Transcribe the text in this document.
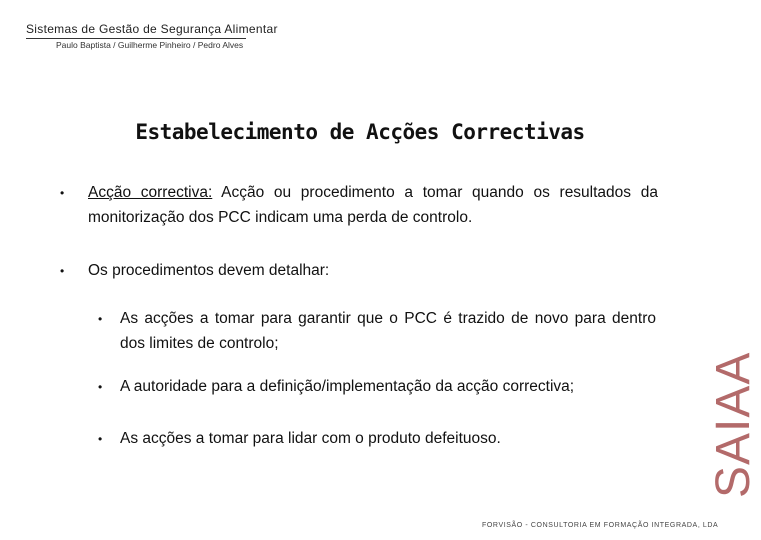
Sistemas de Gestão de Segurança Alimentar
Paulo Baptista / Guilherme Pinheiro / Pedro Alves
Estabelecimento de Acções Correctivas
• Acção correctiva: Acção ou procedimento a tomar quando os resultados da monitorização dos PCC indicam uma perda de controlo.
• Os procedimentos devem detalhar:
• As acções a tomar para garantir que o PCC é trazido de novo para dentro dos limites de controlo;
• A autoridade para a definição/implementação da acção correctiva;
• As acções a tomar para lidar com o produto defeituoso.	SAIAA
FORVISÃO - CONSULTORIA EM FORMAÇÃO INTEGRADA, LDA
